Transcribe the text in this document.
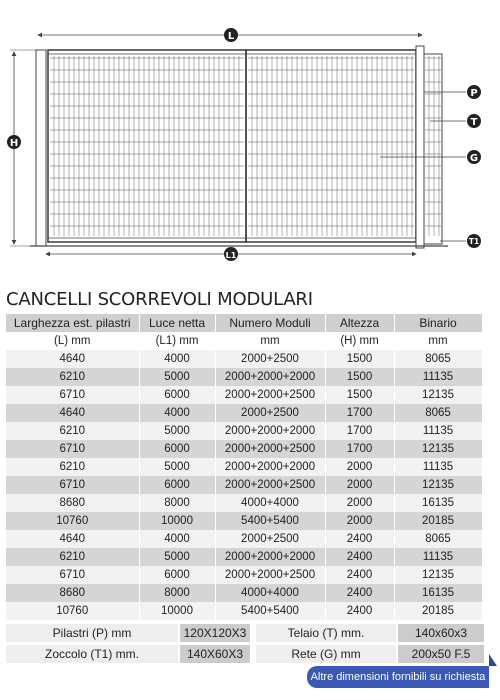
L
L1
H
P
T
G
T1
CANCELLI SCORREVOLI MODULARI
Larghezza est. pilastri	Luce netta	Numero Moduli	Altezza	Binario
(L) mm	(L1) mm	mm	(H) mm	mm
4640	4000	2000+2500	1500	8065
6210	5000	2000+2000+2000	1500	11135
6710	6000	2000+2000+2500	1500	12135
4640	4000	2000+2500	1700	8065
6210	5000	2000+2000+2000	1700	11135
6710	6000	2000+2000+2500	1700	12135
6210	5000	2000+2000+2000	2000	11135
6710	6000	2000+2000+2500	2000	12135
8680	8000	4000+4000	2000	16135
10760	10000	5400+5400	2000	20185
4640	4000	2000+2500	2400	8065
6210	5000	2000+2000+2000	2400	11135
6710	6000	2000+2000+2500	2400	12135
8680	8000	4000+4000	2400	16135
10760	10000	5400+5400	2400	20185
Pilastri (P) mm	120X120X3	Telaio (T) mm.	140x60x3
Zoccolo (T1) mm.	140X60X3	Rete (G) mm	200x50 F.5
Altre dimensioni fornibili su richiesta
